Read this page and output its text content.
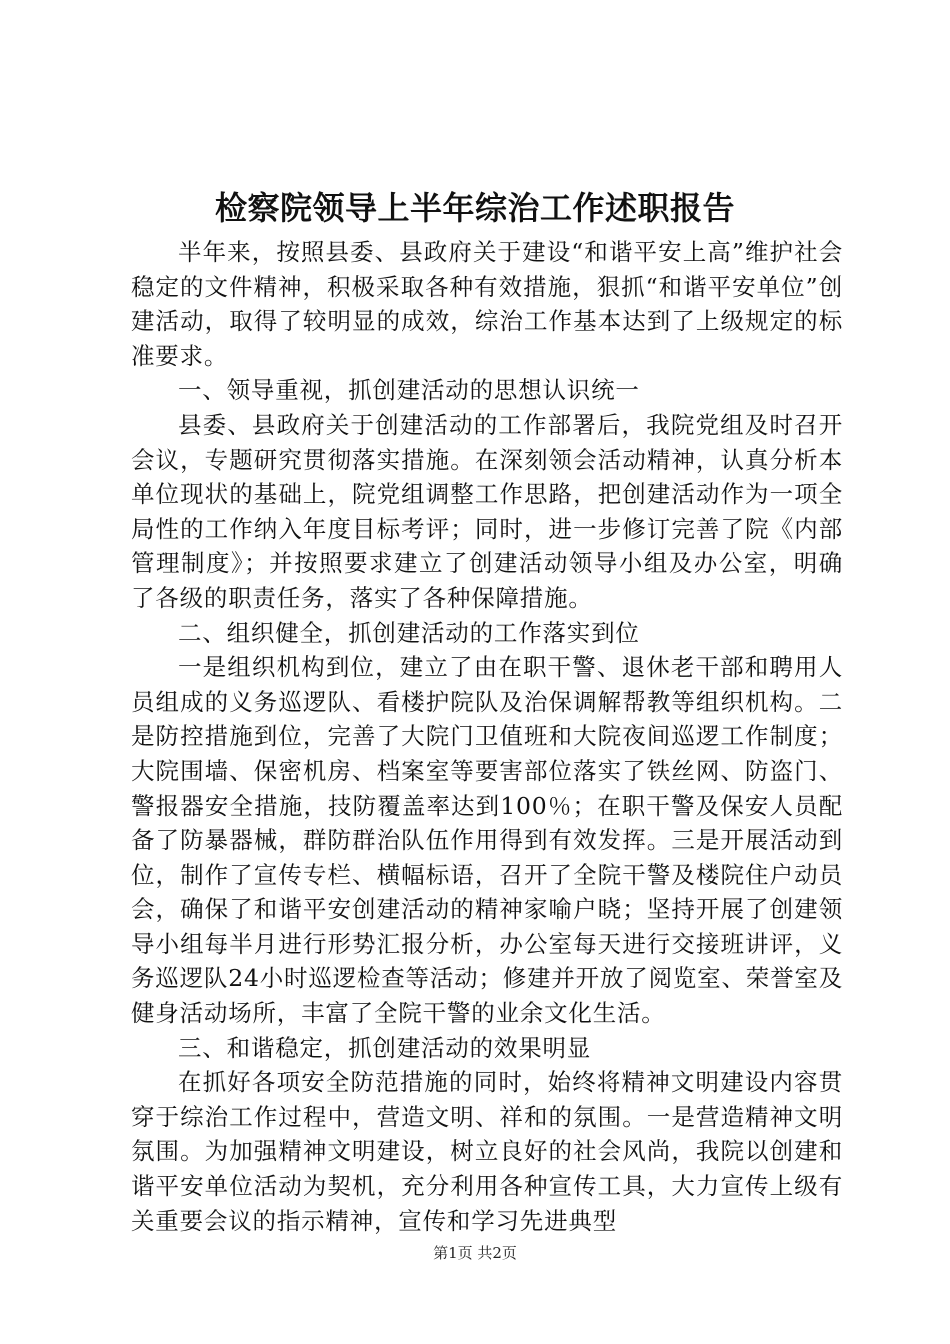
检察院领导上半年综治工作述职报告

半年来，按照县委、县政府关于建设“和谐平安上高”维护社会稳定的文件精神，积极采取各种有效措施，狠抓“和谐平安单位”创建活动，取得了较明显的成效，综治工作基本达到了上级规定的标准要求。

一、领导重视，抓创建活动的思想认识统一

县委、县政府关于创建活动的工作部署后，我院党组及时召开会议，专题研究贯彻落实措施。在深刻领会活动精神，认真分析本单位现状的基础上，院党组调整工作思路，把创建活动作为一项全局性的工作纳入年度目标考评；同时，进一步修订完善了院《内部管理制度》；并按照要求建立了创建活动领导小组及办公室，明确了各级的职责任务，落实了各种保障措施。

二、组织健全，抓创建活动的工作落实到位

一是组织机构到位，建立了由在职干警、退休老干部和聘用人员组成的义务巡逻队、看楼护院队及治保调解帮教等组织机构。二是防控措施到位，完善了大院门卫值班和大院夜间巡逻工作制度；大院围墙、保密机房、档案室等要害部位落实了铁丝网、防盗门、警报器安全措施，技防覆盖率达到100％；在职干警及保安人员配备了防暴器械，群防群治队伍作用得到有效发挥。三是开展活动到位，制作了宣传专栏、横幅标语，召开了全院干警及楼院住户动员会，确保了和谐平安创建活动的精神家喻户晓；坚持开展了创建领导小组每半月进行形势汇报分析，办公室每天进行交接班讲评，义务巡逻队24小时巡逻检查等活动；修建并开放了阅览室、荣誉室及健身活动场所，丰富了全院干警的业余文化生活。

三、和谐稳定，抓创建活动的效果明显

在抓好各项安全防范措施的同时，始终将精神文明建设内容贯穿于综治工作过程中，营造文明、祥和的氛围。一是营造精神文明氛围。为加强精神文明建设，树立良好的社会风尚，我院以创建和谐平安单位活动为契机，充分利用各种宣传工具，大力宣传上级有关重要会议的指示精神，宣传和学习先进典型

第1页 共2页
